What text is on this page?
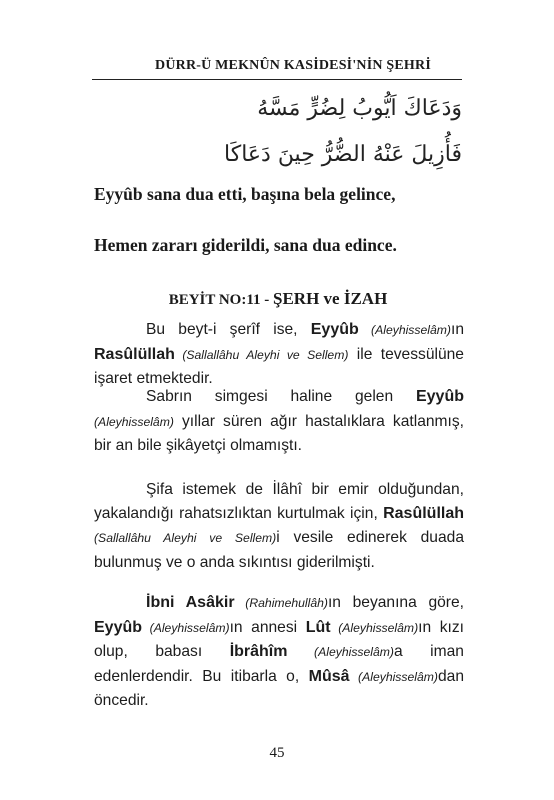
DÜRR-Ü MEKNÛN KASİDESİ'NİN ŞEHRİ
وَدَعَاكَ اَيُّوبُ لِضُرٍّ مَسَّهُ
فَأُزِيلَ عَنْهُ الضُّرُّ حِينَ دَعَاكَا
Eyyûb sana dua etti, başına bela gelince,
Hemen zararı giderildi, sana dua edince.
BEYİT NO:11 - ŞERH ve İZAH
Bu beyt-i şerîf ise, Eyyûb (Aleyhisselâm)ın Rasûlüllah (Sallallâhu Aleyhi ve Sellem) ile tevessülüne işaret etmektedir.
Sabrın simgesi haline gelen Eyyûb (Aleyhisselâm) yıllar süren ağır hastalıklara katlanmış, bir an bile şikâyetçi olmamıştı.
Şifa istemek de İlâhî bir emir olduğundan, yakalandığı rahatsızlıktan kurtulmak için, Rasûlüllah (Sallallâhu Aleyhi ve Sellem)i vesile edinerek duada bulunmuş ve o anda sıkıntısı giderilmişti.
İbni Asâkir (Rahimehullâh)ın beyanına göre, Eyyûb (Aleyhisselâm)ın annesi Lût (Aleyhisselâm)ın kızı olup, babası İbrâhîm (Aleyhisselâm)a iman edenlerdendir. Bu itibarla o, Mûsâ (Aleyhisselâm)dan öncedir.
45
